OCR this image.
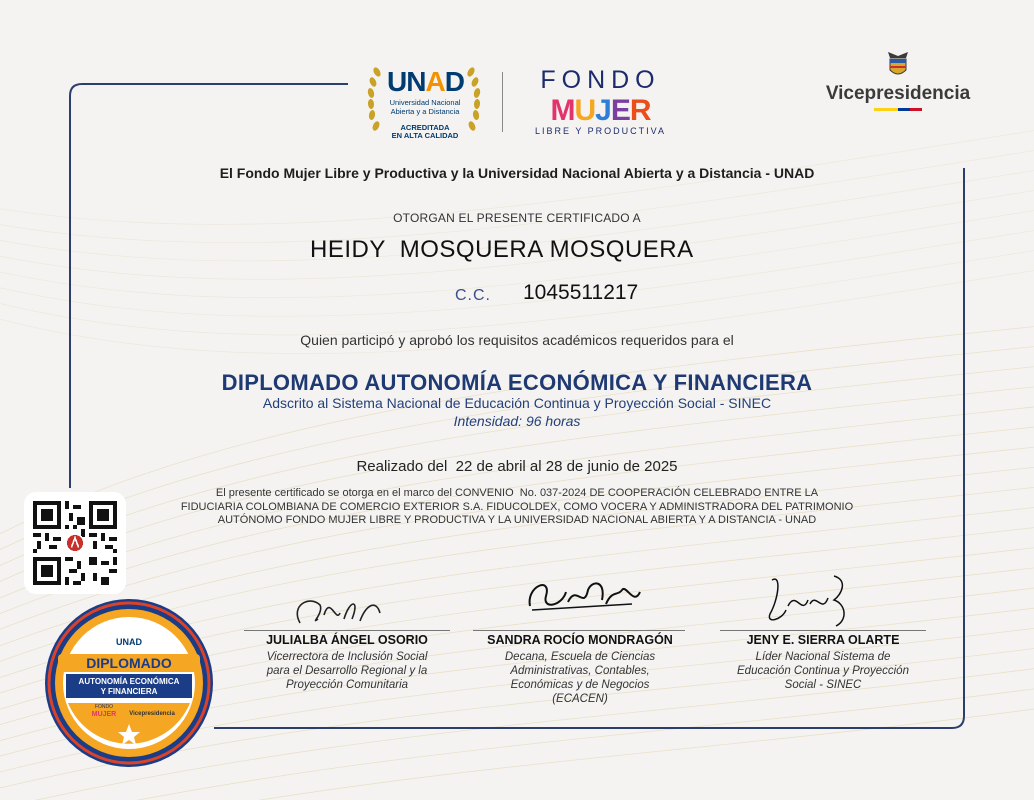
UNAD
Universidad Nacional
Abierta y a Distancia
ACREDITADA
EN ALTA CALIDAD
FONDO
MUJER
LIBRE Y PRODUCTIVA
Vicepresidencia
El Fondo Mujer Libre y Productiva y la Universidad Nacional Abierta y a Distancia - UNAD
OTORGAN EL PRESENTE CERTIFICADO A
HEIDY  MOSQUERA MOSQUERA
C.C. 1045511217
Quien participó y aprobó los requisitos académicos requeridos para el
DIPLOMADO AUTONOMÍA ECONÓMICA Y FINANCIERA
Adscrito al Sistema Nacional de Educación Continua y Proyección Social - SINEC
Intensidad: 96 horas
Realizado del  22 de abril al 28 de junio de 2025
El presente certificado se otorga en el marco del CONVENIO  No. 037-2024 DE COOPERACIÓN CELEBRADO ENTRE LA
FIDUCIARIA COLOMBIANA DE COMERCIO EXTERIOR S.A. FIDUCOLDEX, COMO VOCERA Y ADMINISTRADORA DEL PATRIMONIO
AUTÓNOMO FONDO MUJER LIBRE Y PRODUCTIVA Y LA UNIVERSIDAD NACIONAL ABIERTA Y A DISTANCIA - UNAD
JULIALBA ÁNGEL OSORIO
Vicerrectora de Inclusión Social
para el Desarrollo Regional y la
Proyección Comunitaria
SANDRA ROCÍO MONDRAGÓN
Decana, Escuela de Ciencias
Administrativas, Contables,
Económicas y de Negocios
(ECACEN)
JENY E. SIERRA OLARTE
Líder Nacional Sistema de
Educación Continua y Proyección
Social - SINEC
UNAD
DIPLOMADO
AUTONOMÍA ECONÓMICA
Y FINANCIERA
FONDO
MUJER Vicepresidencia
